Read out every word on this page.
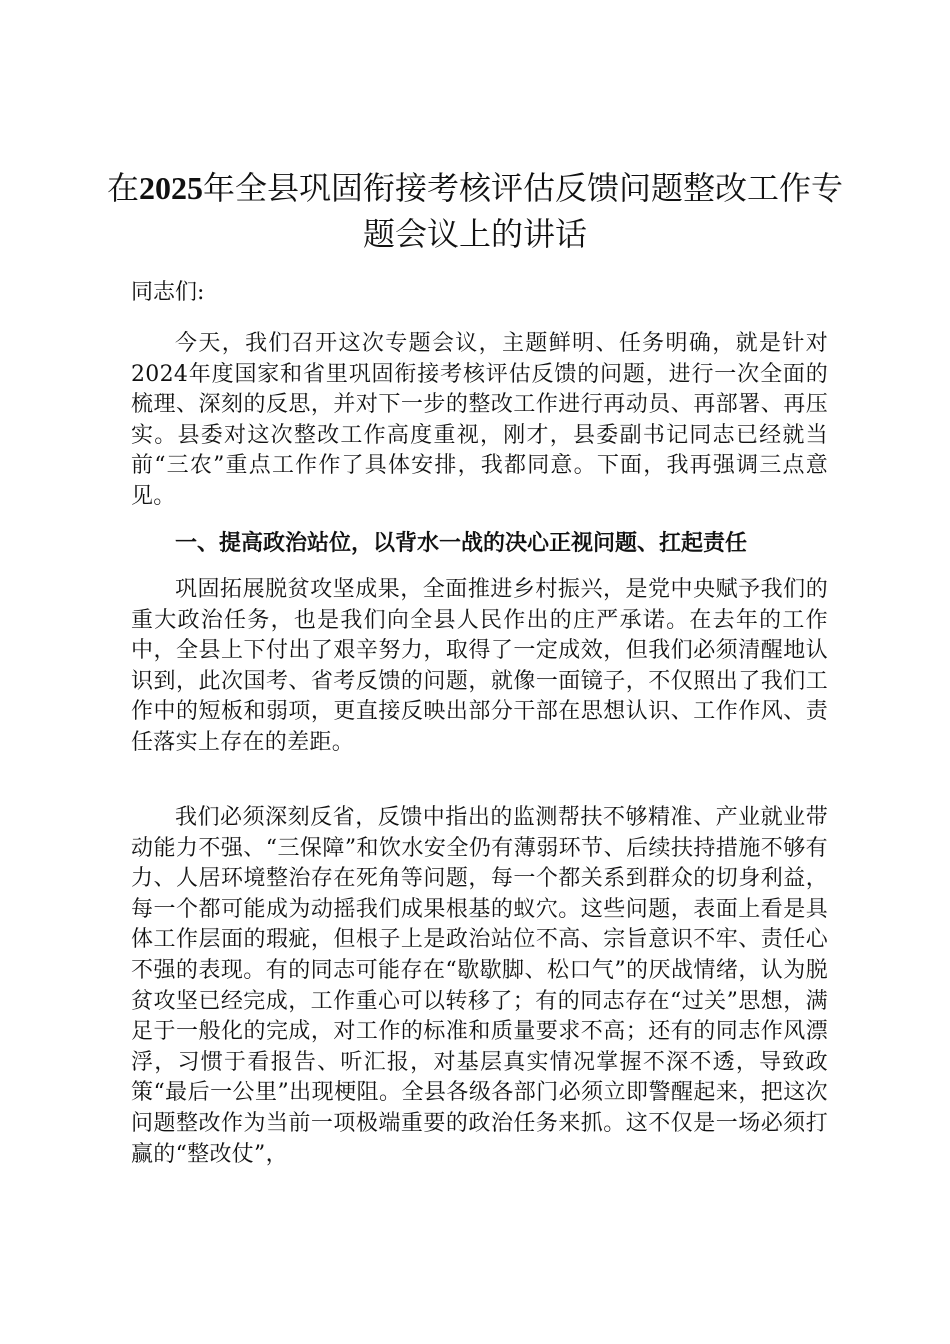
在2025年全县巩固衔接考核评估反馈问题整改工作专题会议上的讲话

同志们:

今天，我们召开这次专题会议，主题鲜明、任务明确，就是针对2024年度国家和省里巩固衔接考核评估反馈的问题，进行一次全面的梳理、深刻的反思，并对下一步的整改工作进行再动员、再部署、再压实。县委对这次整改工作高度重视，刚才，县委副书记同志已经就当前“三农”重点工作作了具体安排，我都同意。下面，我再强调三点意见。

一、提高政治站位，以背水一战的决心正视问题、扛起责任

巩固拓展脱贫攻坚成果，全面推进乡村振兴，是党中央赋予我们的重大政治任务，也是我们向全县人民作出的庄严承诺。在去年的工作中，全县上下付出了艰辛努力，取得了一定成效，但我们必须清醒地认识到，此次国考、省考反馈的问题，就像一面镜子，不仅照出了我们工作中的短板和弱项，更直接反映出部分干部在思想认识、工作作风、责任落实上存在的差距。

我们必须深刻反省，反馈中指出的监测帮扶不够精准、产业就业带动能力不强、“三保障”和饮水安全仍有薄弱环节、后续扶持措施不够有力、人居环境整治存在死角等问题，每一个都关系到群众的切身利益，每一个都可能成为动摇我们成果根基的蚁穴。这些问题，表面上看是具体工作层面的瑕疵，但根子上是政治站位不高、宗旨意识不牢、责任心不强的表现。有的同志可能存在“歇歇脚、松口气”的厌战情绪，认为脱贫攻坚已经完成，工作重心可以转移了；有的同志存在“过关”思想，满足于一般化的完成，对工作的标准和质量要求不高；还有的同志作风漂浮，习惯于看报告、听汇报，对基层真实情况掌握不深不透，导致政策“最后一公里”出现梗阻。全县各级各部门必须立即警醒起来，把这次问题整改作为当前一项极端重要的政治任务来抓。这不仅是一场必须打赢的“整改仗”，
